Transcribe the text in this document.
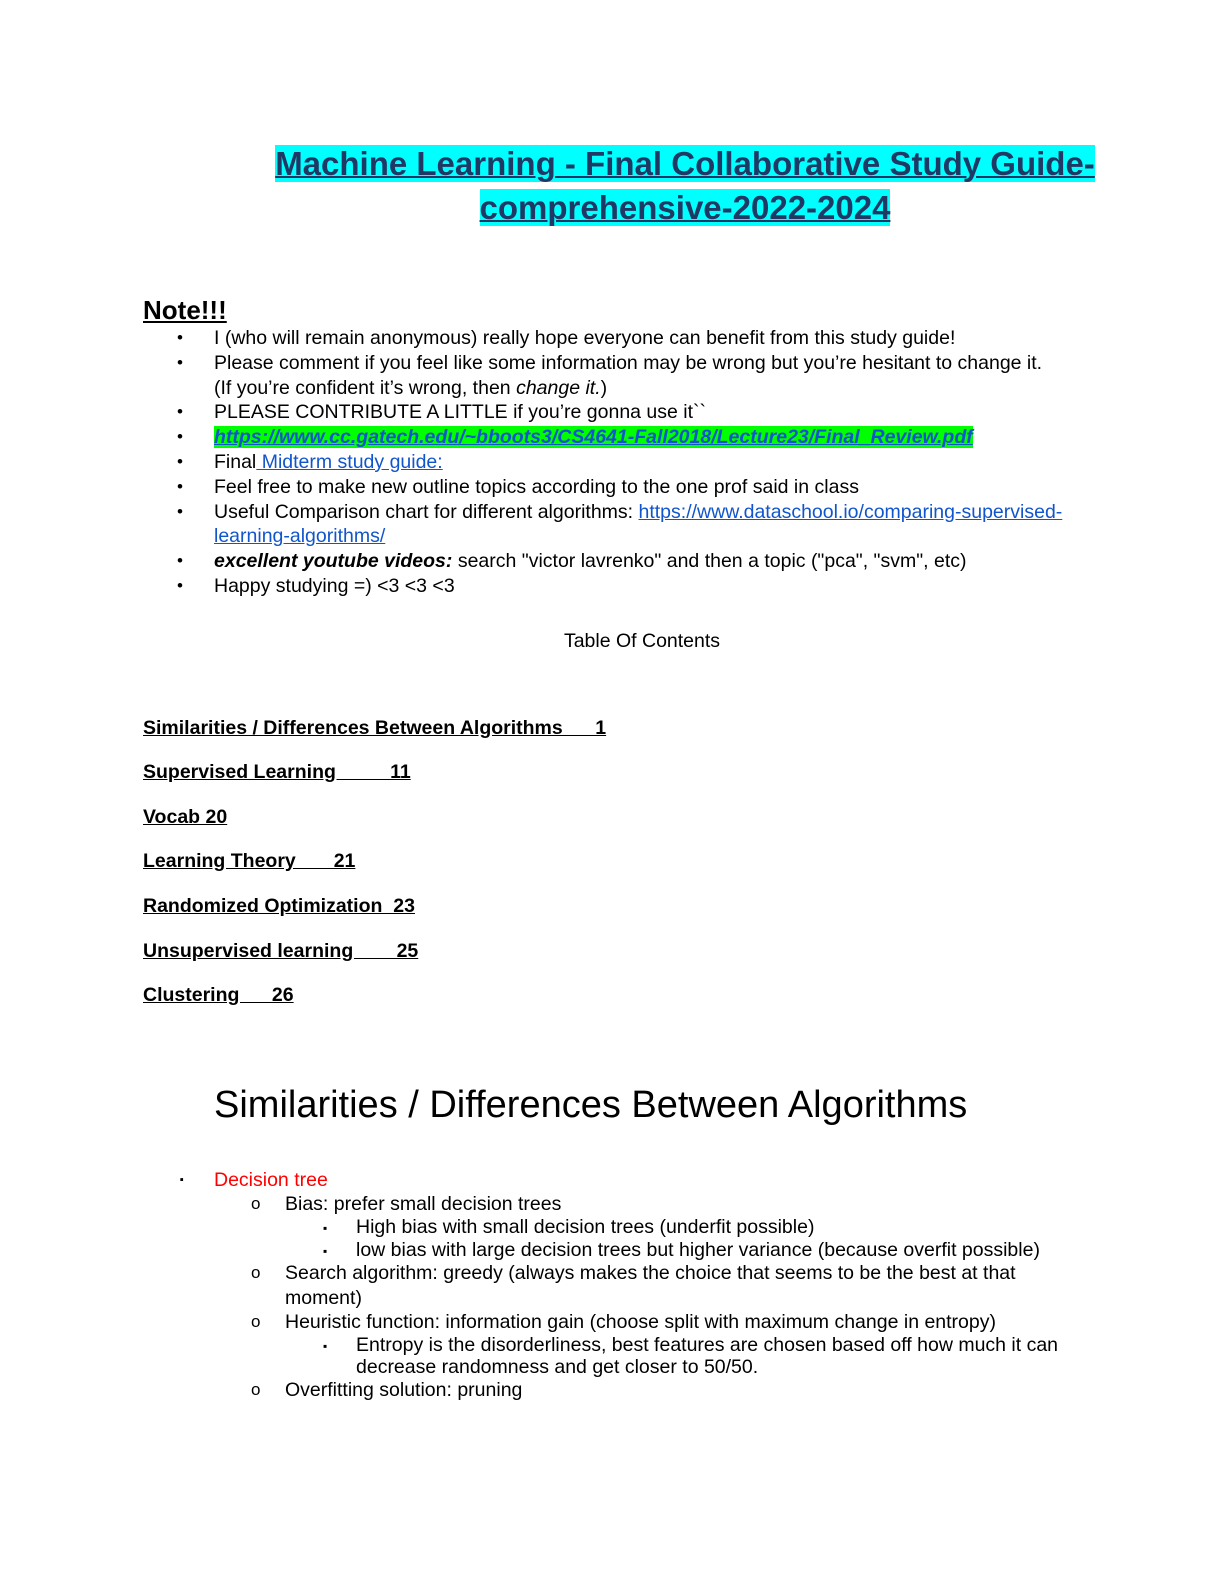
Machine Learning - Final Collaborative Study Guide-
comprehensive-2022-2024
Note!!!
• I (who will remain anonymous) really hope everyone can benefit from this study guide!
• Please comment if you feel like some information may be wrong but you’re hesitant to change it. (If you’re confident it’s wrong, then change it.)
• PLEASE CONTRIBUTE A LITTLE if you’re gonna use it``
• https://www.cc.gatech.edu/~bboots3/CS4641-Fall2018/Lecture23/Final_Review.pdf
• Final Midterm study guide:
• Feel free to make new outline topics according to the one prof said in class
• Useful Comparison chart for different algorithms: https://www.dataschool.io/comparing-supervised-learning-algorithms/
• excellent youtube videos: search "victor lavrenko" and then a topic ("pca", "svm", etc)
• Happy studying =) <3 <3 <3
Table Of Contents
Similarities / Differences Between Algorithms      1
Supervised Learning          11
Vocab 20
Learning Theory       21
Randomized Optimization  23
Unsupervised learning        25
Clustering      26
Similarities / Differences Between Algorithms
· Decision tree
o Bias: prefer small decision trees
▪ High bias with small decision trees (underfit possible)
▪ low bias with large decision trees but higher variance (because overfit possible)
o Search algorithm: greedy (always makes the choice that seems to be the best at that moment)
o Heuristic function: information gain (choose split with maximum change in entropy)
▪ Entropy is the disorderliness, best features are chosen based off how much it can decrease randomness and get closer to 50/50.
o Overfitting solution: pruning
